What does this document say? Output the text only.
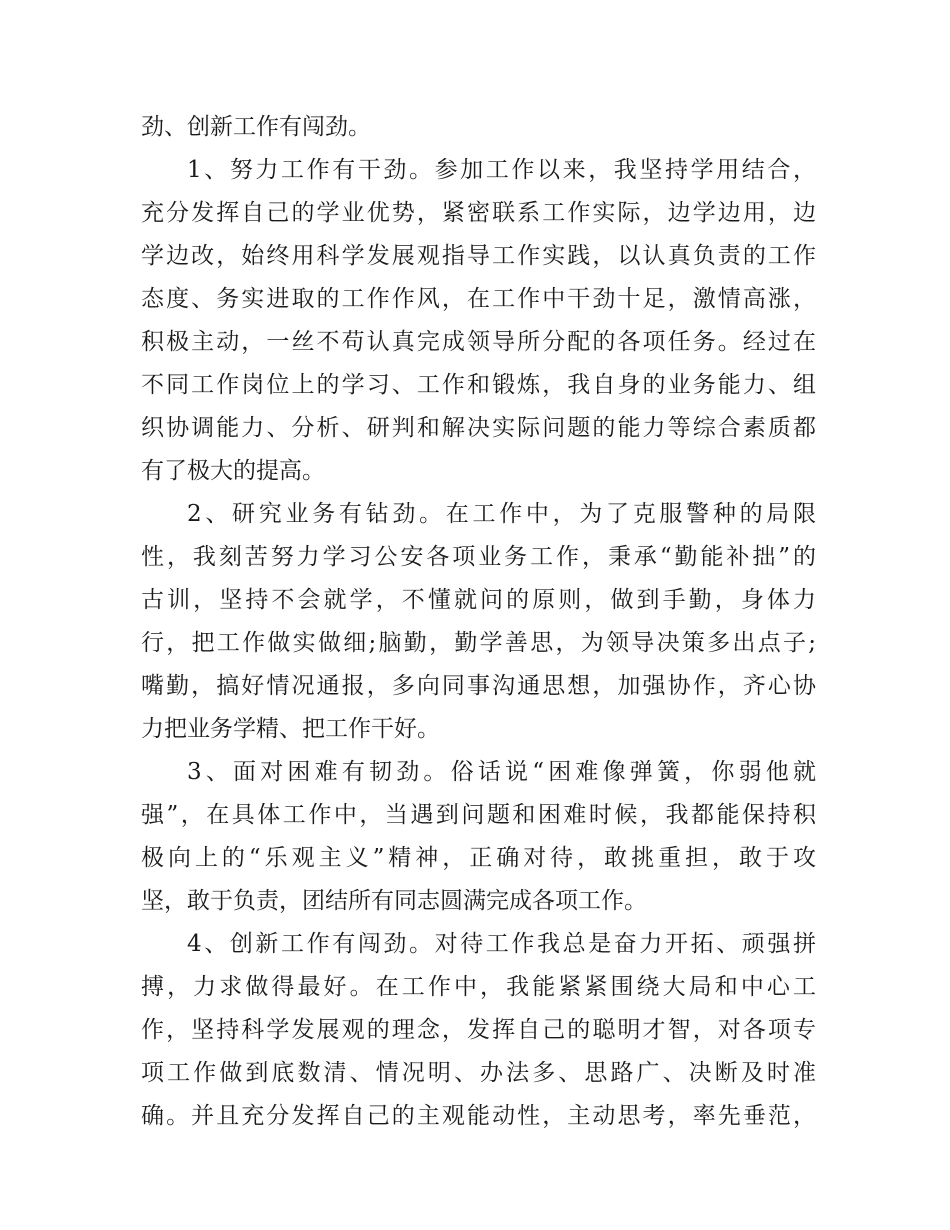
劲、创新工作有闯劲。
1、努力工作有干劲。参加工作以来，我坚持学用结合，
充分发挥自己的学业优势，紧密联系工作实际，边学边用，边
学边改，始终用科学发展观指导工作实践，以认真负责的工作
态度、务实进取的工作作风，在工作中干劲十足，激情高涨，
积极主动，一丝不苟认真完成领导所分配的各项任务。经过在
不同工作岗位上的学习、工作和锻炼，我自身的业务能力、组
织协调能力、分析、研判和解决实际问题的能力等综合素质都
有了极大的提高。
2、研究业务有钻劲。在工作中，为了克服警种的局限
性，我刻苦努力学习公安各项业务工作，秉承“勤能补拙”的
古训，坚持不会就学，不懂就问的原则，做到手勤，身体力
行，把工作做实做细;脑勤，勤学善思，为领导决策多出点子;
嘴勤，搞好情况通报，多向同事沟通思想，加强协作，齐心协
力把业务学精、把工作干好。
3、面对困难有韧劲。俗话说“困难像弹簧，你弱他就
强”，在具体工作中，当遇到问题和困难时候，我都能保持积
极向上的“乐观主义”精神，正确对待，敢挑重担，敢于攻
坚，敢于负责，团结所有同志圆满完成各项工作。
4、创新工作有闯劲。对待工作我总是奋力开拓、顽强拼
搏，力求做得最好。在工作中，我能紧紧围绕大局和中心工
作，坚持科学发展观的理念，发挥自己的聪明才智，对各项专
项工作做到底数清、情况明、办法多、思路广、决断及时准
确。并且充分发挥自己的主观能动性，主动思考，率先垂范，
